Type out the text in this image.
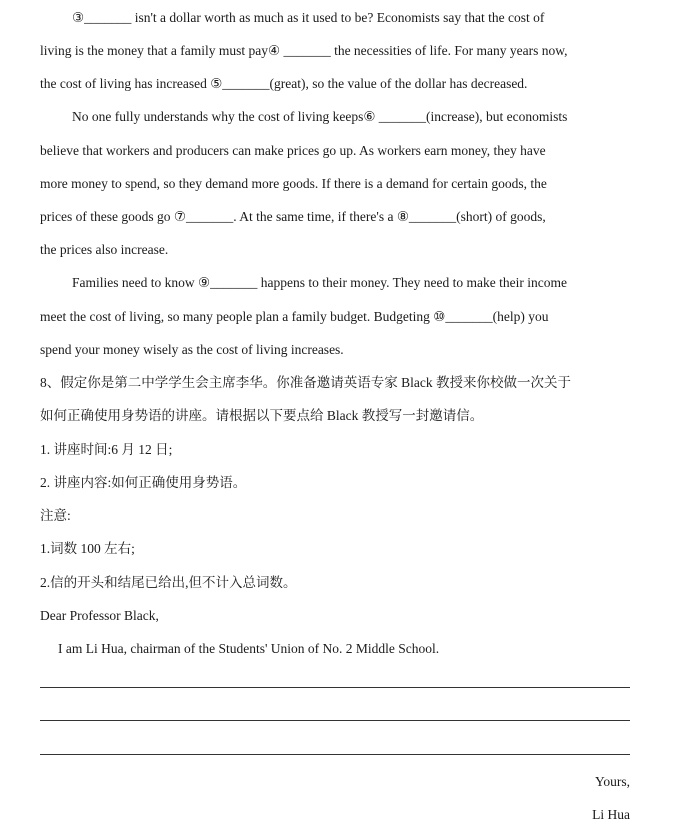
③_______ isn't a dollar worth as much as it used to be? Economists say that the cost of
living is the money that a family must pay④ _______ the necessities of life. For many years now,
the cost of living has increased ⑤_______(great), so the value of the dollar has decreased.
No one fully understands why the cost of living keeps⑥ _______(increase), but economists
believe that workers and producers can make prices go up. As workers earn money, they have
more money to spend, so they demand more goods. If there is a demand for certain goods, the
prices of these goods go ⑦_______. At the same time, if there's a ⑧_______(short) of goods,
the prices also increase.
Families need to know ⑨_______ happens to their money. They need to make their income
meet the cost of living, so many people plan a family budget. Budgeting ⑩_______(help) you
spend your money wisely as the cost of living increases.
8、假定你是第二中学学生会主席李华。你准备邀请英语专家 Black 教授来你校做一次关于
如何正确使用身势语的讲座。请根据以下要点给 Black 教授写一封邀请信。
1. 讲座时间:6 月 12 日;
2. 讲座内容:如何正确使用身势语。
注意:
1.词数 100 左右;
2.信的开头和结尾已给出,但不计入总词数。
Dear Professor Black,
I am Li Hua, chairman of the Students' Union of No. 2 Middle School.
Yours,
Li Hua
